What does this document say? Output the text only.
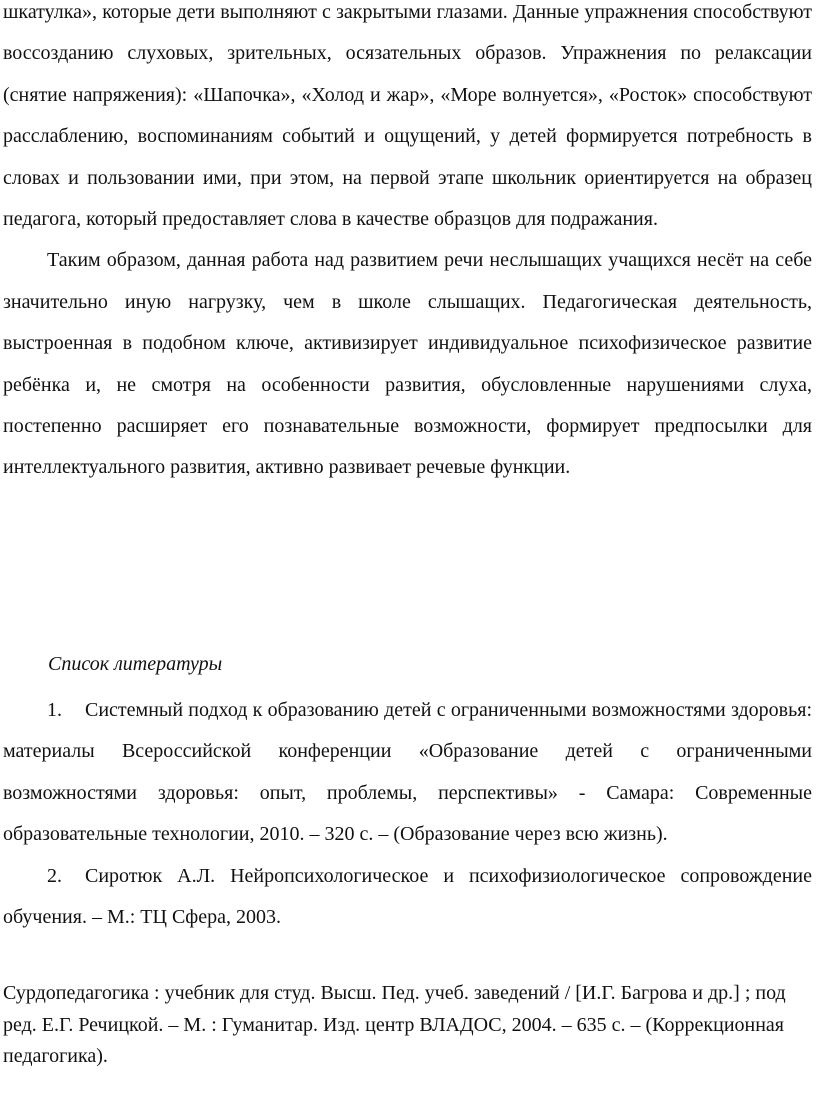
шкатулка», которые дети выполняют с закрытыми глазами. Данные упражнения способствуют воссозданию слуховых, зрительных, осязательных образов. Упражнения по релаксации (снятие напряжения): «Шапочка», «Холод и жар», «Море волнуется», «Росток» способствуют расслаблению, воспоминаниям событий и ощущений, у детей формируется потребность в словах и пользовании ими, при этом, на первой этапе школьник ориентируется на образец педагога, который предоставляет слова в качестве образцов для подражания.

Таким образом, данная работа над развитием речи неслышащих учащихся несёт на себе значительно иную нагрузку, чем в школе слышащих. Педагогическая деятельность, выстроенная в подобном ключе, активизирует индивидуальное психофизическое развитие ребёнка и, не смотря на особенности развития, обусловленные нарушениями слуха, постепенно расширяет его познавательные возможности, формирует предпосылки для интеллектуального развития, активно развивает речевые функции.

Список литературы

1. Системный подход к образованию детей с ограниченными возможностями здоровья: материалы Всероссийской конференции «Образование детей с ограниченными возможностями здоровья: опыт, проблемы, перспективы» - Самара: Современные образовательные технологии, 2010. – 320 с. – (Образование через всю жизнь).

2. Сиротюк А.Л. Нейропсихологическое и психофизиологическое сопровождение обучения. – М.: ТЦ Сфера, 2003.

Сурдопедагогика : учебник для студ. Высш. Пед. учеб. заведений / [И.Г. Багрова и др.] ; под ред. Е.Г. Речицкой. – М. : Гуманитар. Изд. центр ВЛАДОС, 2004. – 635 с. – (Коррекционная педагогика).
